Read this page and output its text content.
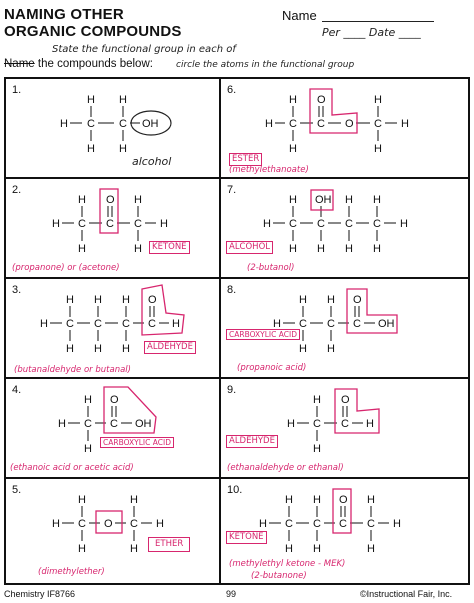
NAMING OTHER
ORGANIC COMPOUNDS
Name
Per ____ Date ____
State the functional group in each of
circle the atoms in the functional group
Name the compounds below:
1.
H H
H C C OH
H H
alcohol
6.
H O	H
H C C O C H
H	H
ESTER
(methylethanoate)
2.
H O H
H C C C H
H	H	KETONE
(propanone) or (acetone)
7.
H OH H H
H C C C C H
H H H H
ALCOHOL
(2-butanol)
3.
H H H O
H C C C C H
H H H	ALDEHYDE
(butanaldehyde or butanal)
8.
H H O
H C C C OH
H H
CARBOXYLIC ACID
(propanoic acid)
4.
H O
H C C OH
H
CARBOXYLIC ACID
(ethanoic acid or acetic acid)
9.
H O
H C C H
H
ALDEHYDE
(ethanaldehyde or ethanal)
5.
H	H
H C O C H
H	H	ETHER
(dimethylether)
10.
H H O H
H C C C C H
H H	H
KETONE
(methylethyl ketone - MEK)
(2-butanone)
Chemistry IF8766	99	©Instructional Fair, Inc.
